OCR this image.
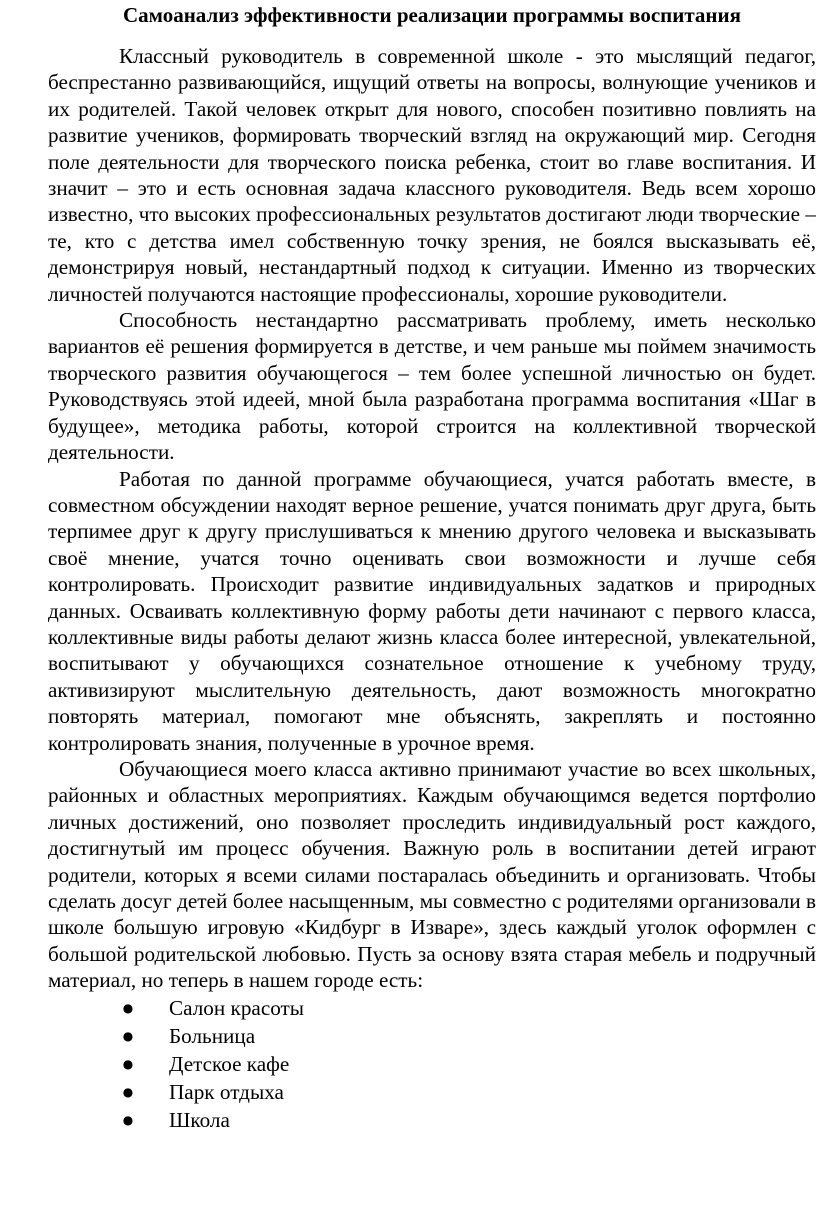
Самоанализ эффективности реализации программы воспитания

Классный руководитель в современной школе - это мыслящий педагог, беспрестанно развивающийся, ищущий ответы на вопросы, волнующие учеников и их родителей. Такой человек открыт для нового, способен позитивно повлиять на развитие учеников, формировать творческий взгляд на окружающий мир. Сегодня поле деятельности для творческого поиска ребенка, стоит во главе воспитания. И значит – это и есть основная задача классного руководителя. Ведь всем хорошо известно, что высоких профессиональных результатов достигают люди творческие – те, кто с детства имел собственную точку зрения, не боялся высказывать её, демонстрируя новый, нестандартный подход к ситуации. Именно из творческих личностей получаются настоящие профессионалы, хорошие руководители.

Способность нестандартно рассматривать проблему, иметь несколько вариантов её решения формируется в детстве, и чем раньше мы поймем значимость творческого развития обучающегося – тем более успешной личностью он будет. Руководствуясь этой идеей, мной была разработана программа воспитания «Шаг в будущее», методика работы, которой строится на коллективной творческой деятельности.

Работая по данной программе обучающиеся, учатся работать вместе, в совместном обсуждении находят верное решение, учатся понимать друг друга, быть терпимее друг к другу прислушиваться к мнению другого человека и высказывать своё мнение, учатся точно оценивать свои возможности и лучше себя контролировать. Происходит развитие индивидуальных задатков и природных данных. Осваивать коллективную форму работы дети начинают с первого класса, коллективные виды работы делают жизнь класса более интересной, увлекательной, воспитывают у обучающихся сознательное отношение к учебному труду, активизируют мыслительную деятельность, дают возможность многократно повторять материал, помогают мне объяснять, закреплять и постоянно контролировать знания, полученные в урочное время.

Обучающиеся моего класса активно принимают участие во всех школьных, районных и областных мероприятиях. Каждым обучающимся ведется портфолио личных достижений, оно позволяет проследить индивидуальный рост каждого, достигнутый им процесс обучения. Важную роль в воспитании детей играют родители, которых я всеми силами постаралась объединить и организовать. Чтобы сделать досуг детей более насыщенным, мы совместно с родителями организовали в школе большую игровую «Кидбург в Изваре», здесь каждый уголок оформлен с большой родительской любовью. Пусть за основу взята старая мебель и подручный материал, но теперь в нашем городе есть:

● Салон красоты
● Больница
● Детское кафе
● Парк отдыха
● Школа
